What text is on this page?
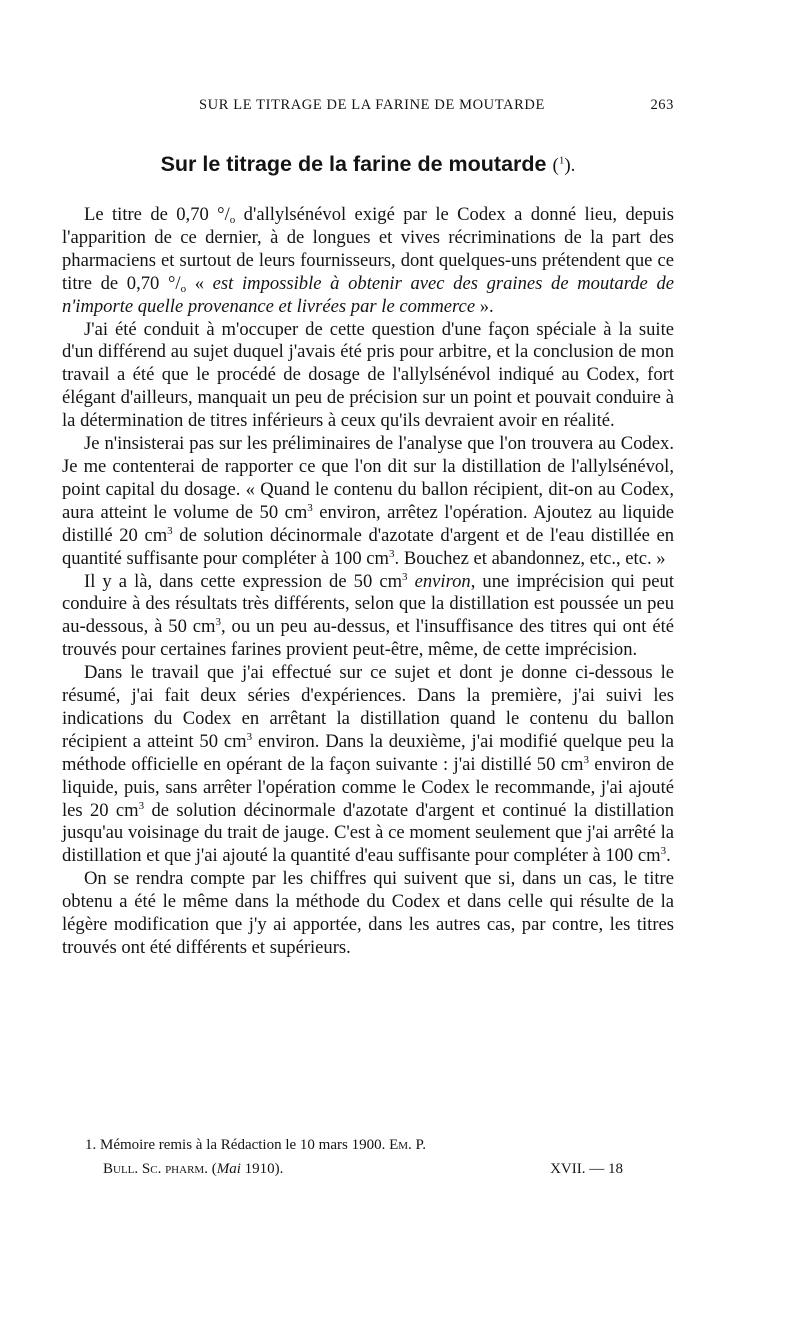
SUR LE TITRAGE DE LA FARINE DE MOUTARDE	263
Sur le titrage de la farine de moutarde ($^1$).

Le titre de 0,70 $^\circ/_o$ d'allylsénévol exigé par le Codex a donné lieu, depuis l'apparition de ce dernier, à de longues et vives récriminations de la part des pharmaciens et surtout de leurs fournisseurs, dont quelques-uns prétendent que ce titre de 0,70 $^\circ/_o$ « est impossible à obtenir avec des graines de moutarde de n'importe quelle provenance et livrées par le commerce ».

J'ai été conduit à m'occuper de cette question d'une façon spéciale à la suite d'un différend au sujet duquel j'avais été pris pour arbitre, et la conclusion de mon travail a été que le procédé de dosage de l'allylsénévol indiqué au Codex, fort élégant d'ailleurs, manquait un peu de précision sur un point et pouvait conduire à la détermination de titres inférieurs à ceux qu'ils devraient avoir en réalité.

Je n'insisterai pas sur les préliminaires de l'analyse que l'on trouvera au Codex. Je me contenterai de rapporter ce que l'on dit sur la distillation de l'allylsénévol, point capital du dosage. « Quand le contenu du ballon récipient, dit-on au Codex, aura atteint le volume de 50 $cm^3$ environ, arrêtez l'opération. Ajoutez au liquide distillé 20 $cm^3$ de solution décinormale d'azotate d'argent et de l'eau distillée en quantité suffisante pour compléter à 100 $cm^3$. Bouchez et abandonnez, etc., etc. »

Il y a là, dans cette expression de 50 $cm^3$ environ, une imprécision qui peut conduire à des résultats très différents, selon que la distillation est poussée un peu au-dessous, à 50 $cm^3$, ou un peu au-dessus, et l'insuffisance des titres qui ont été trouvés pour certaines farines provient peut-être, même, de cette imprécision.

Dans le travail que j'ai effectué sur ce sujet et dont je donne ci-dessous le résumé, j'ai fait deux séries d'expériences. Dans la première, j'ai suivi les indications du Codex en arrêtant la distillation quand le contenu du ballon récipient a atteint 50 $cm^3$ environ. Dans la deuxième, j'ai modifié quelque peu la méthode officielle en opérant de la façon suivante : j'ai distillé 50 $cm^3$ environ de liquide, puis, sans arrêter l'opération comme le Codex le recommande, j'ai ajouté les 20 $cm^3$ de solution décinormale d'azotate d'argent et continué la distillation jusqu'au voisinage du trait de jauge. C'est à ce moment seulement que j'ai arrêté la distillation et que j'ai ajouté la quantité d'eau suffisante pour compléter à 100 $cm^3$.

On se rendra compte par les chiffres qui suivent que si, dans un cas, le titre obtenu a été le même dans la méthode du Codex et dans celle qui résulte de la légère modification que j'y ai apportée, dans les autres cas, par contre, les titres trouvés ont été différents et supérieurs.

1. Mémoire remis à la Rédaction le 10 mars 1900. Em. P.
Bull. Sc. pharm. (Mai 1910).	XVII. — 18
